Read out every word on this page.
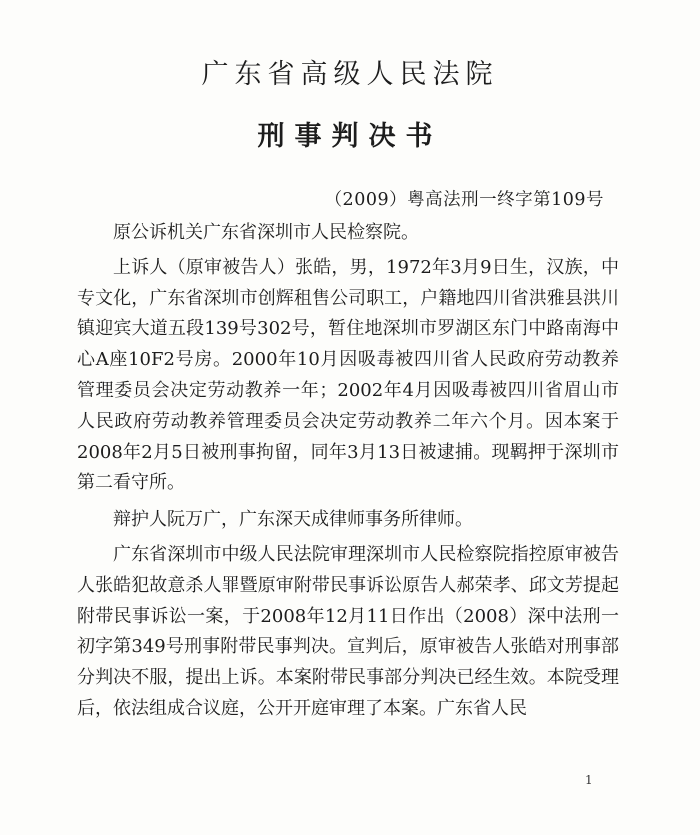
广东省高级人民法院
刑事判决书
（2009）粤高法刑一终字第109号

原公诉机关广东省深圳市人民检察院。

上诉人（原审被告人）张皓，男，1972年3月9日生，汉族，中专文化，广东省深圳市创辉租售公司职工，户籍地四川省洪雅县洪川镇迎宾大道五段139号302号，暂住地深圳市罗湖区东门中路南海中心A座10F2号房。2000年10月因吸毒被四川省人民政府劳动教养管理委员会决定劳动教养一年；2002年4月因吸毒被四川省眉山市人民政府劳动教养管理委员会决定劳动教养二年六个月。因本案于2008年2月5日被刑事拘留，同年3月13日被逮捕。现羁押于深圳市第二看守所。

辩护人阮万广，广东深天成律师事务所律师。

广东省深圳市中级人民法院审理深圳市人民检察院指控原审被告人张皓犯故意杀人罪暨原审附带民事诉讼原告人郝荣孝、邱文芳提起附带民事诉讼一案，于2008年12月11日作出（2008）深中法刑一初字第349号刑事附带民事判决。宣判后，原审被告人张皓对刑事部分判决不服，提出上诉。本案附带民事部分判决已经生效。本院受理后，依法组成合议庭，公开开庭审理了本案。广东省人民

1
